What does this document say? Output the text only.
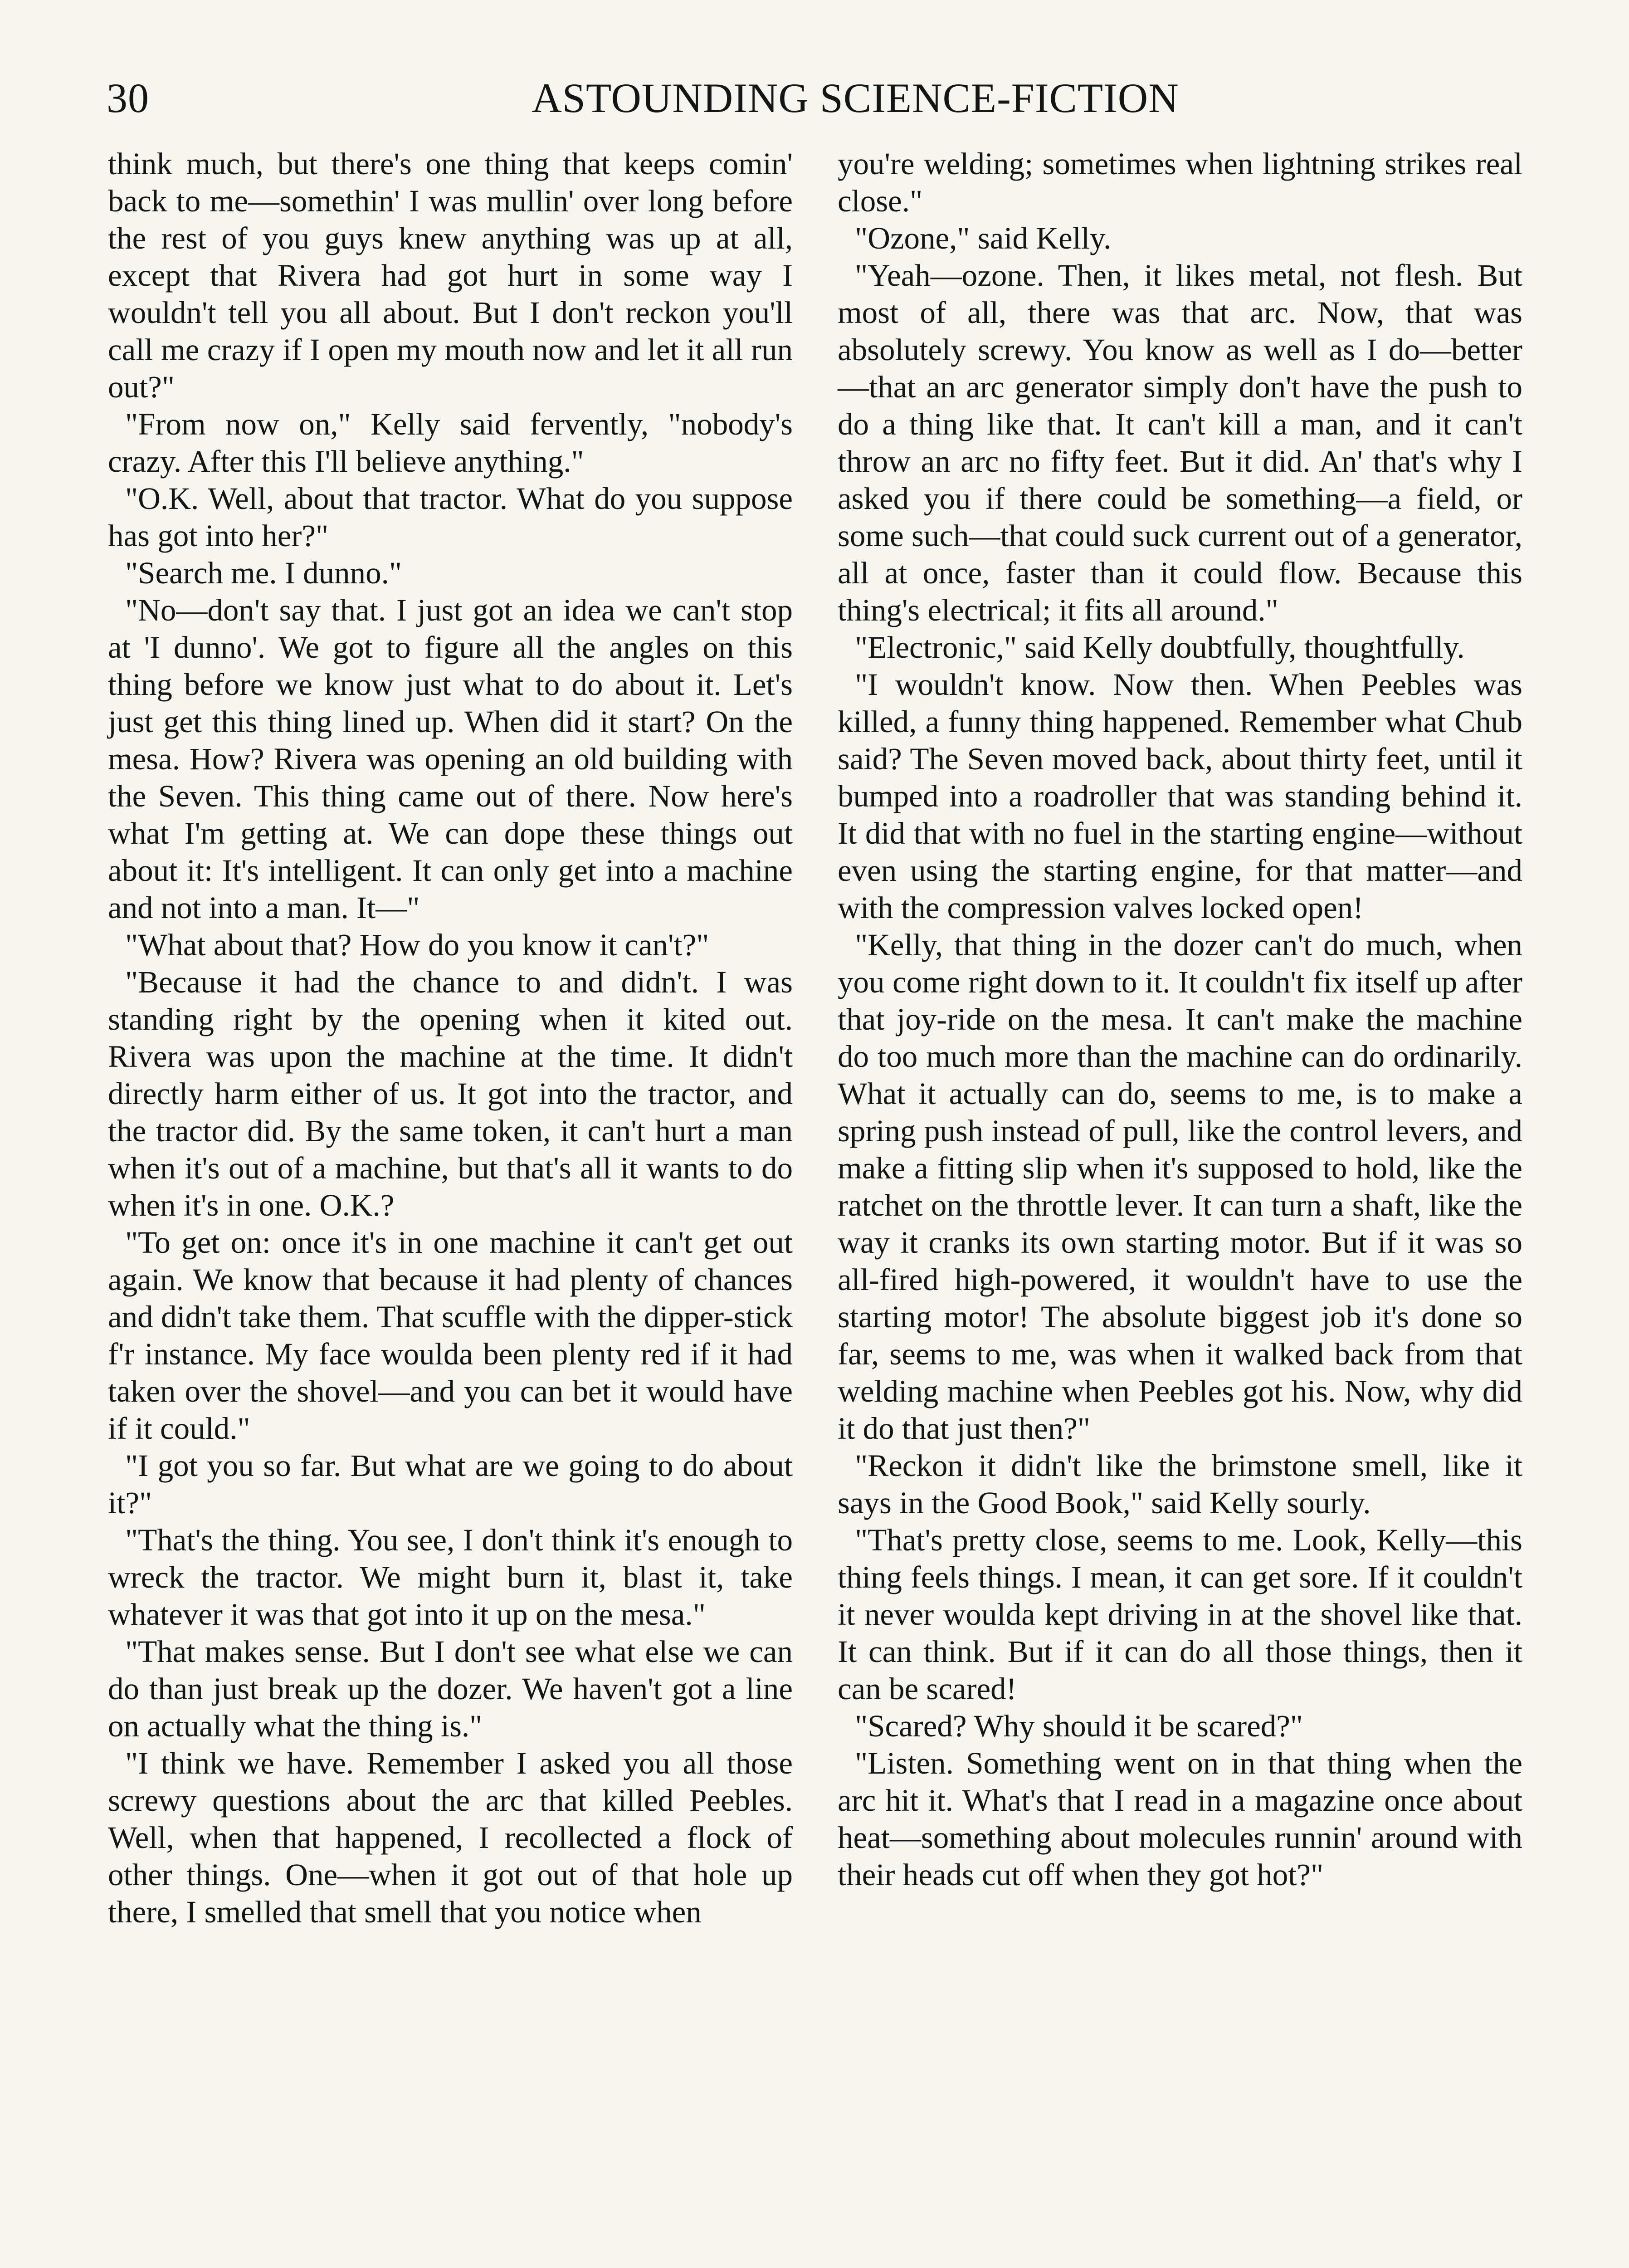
30	ASTOUNDING SCIENCE-FICTION

think much, but there's one thing that keeps comin' back to me—somethin' I was mullin' over long before the rest of you guys knew anything was up at all, except that Rivera had got hurt in some way I wouldn't tell you all about. But I don't reckon you'll call me crazy if I open my mouth now and let it all run out?"

"From now on," Kelly said fervently, "nobody's crazy. After this I'll believe anything."

"O.K. Well, about that tractor. What do you suppose has got into her?"

"Search me. I dunno."

"No—don't say that. I just got an idea we can't stop at 'I dunno'. We got to figure all the angles on this thing before we know just what to do about it. Let's just get this thing lined up. When did it start? On the mesa. How? Rivera was opening an old building with the Seven. This thing came out of there. Now here's what I'm getting at. We can dope these things out about it: It's intelligent. It can only get into a machine and not into a man. It—"

"What about that? How do you know it can't?"

"Because it had the chance to and didn't. I was standing right by the opening when it kited out. Rivera was upon the machine at the time. It didn't directly harm either of us. It got into the tractor, and the tractor did. By the same token, it can't hurt a man when it's out of a machine, but that's all it wants to do when it's in one. O.K.?

"To get on: once it's in one machine it can't get out again. We know that because it had plenty of chances and didn't take them. That scuffle with the dipper-stick f'r instance. My face woulda been plenty red if it had taken over the shovel—and you can bet it would have if it could."

"I got you so far. But what are we going to do about it?"

"That's the thing. You see, I don't think it's enough to wreck the tractor. We might burn it, blast it, take whatever it was that got into it up on the mesa."

"That makes sense. But I don't see what else we can do than just break up the dozer. We haven't got a line on actually what the thing is."

"I think we have. Remember I asked you all those screwy questions about the arc that killed Peebles. Well, when that happened, I recollected a flock of other things. One—when it got out of that hole up there, I smelled that smell that you notice when

you're welding; sometimes when lightning strikes real close."

"Ozone," said Kelly.

"Yeah—ozone. Then, it likes metal, not flesh. But most of all, there was that arc. Now, that was absolutely screwy. You know as well as I do—better—that an arc generator simply don't have the push to do a thing like that. It can't kill a man, and it can't throw an arc no fifty feet. But it did. An' that's why I asked you if there could be something—a field, or some such—that could suck current out of a generator, all at once, faster than it could flow. Because this thing's electrical; it fits all around."

"Electronic," said Kelly doubtfully, thoughtfully.

"I wouldn't know. Now then. When Peebles was killed, a funny thing happened. Remember what Chub said? The Seven moved back, about thirty feet, until it bumped into a roadroller that was standing behind it. It did that with no fuel in the starting engine—without even using the starting engine, for that matter—and with the compression valves locked open!

"Kelly, that thing in the dozer can't do much, when you come right down to it. It couldn't fix itself up after that joy-ride on the mesa. It can't make the machine do too much more than the machine can do ordinarily. What it actually can do, seems to me, is to make a spring push instead of pull, like the control levers, and make a fitting slip when it's supposed to hold, like the ratchet on the throttle lever. It can turn a shaft, like the way it cranks its own starting motor. But if it was so all-fired high-powered, it wouldn't have to use the starting motor! The absolute biggest job it's done so far, seems to me, was when it walked back from that welding machine when Peebles got his. Now, why did it do that just then?"

"Reckon it didn't like the brimstone smell, like it says in the Good Book," said Kelly sourly.

"That's pretty close, seems to me. Look, Kelly—this thing feels things. I mean, it can get sore. If it couldn't it never woulda kept driving in at the shovel like that. It can think. But if it can do all those things, then it can be scared!

"Scared? Why should it be scared?"

"Listen. Something went on in that thing when the arc hit it. What's that I read in a magazine once about heat—something about molecules runnin' around with their heads cut off when they got hot?"
